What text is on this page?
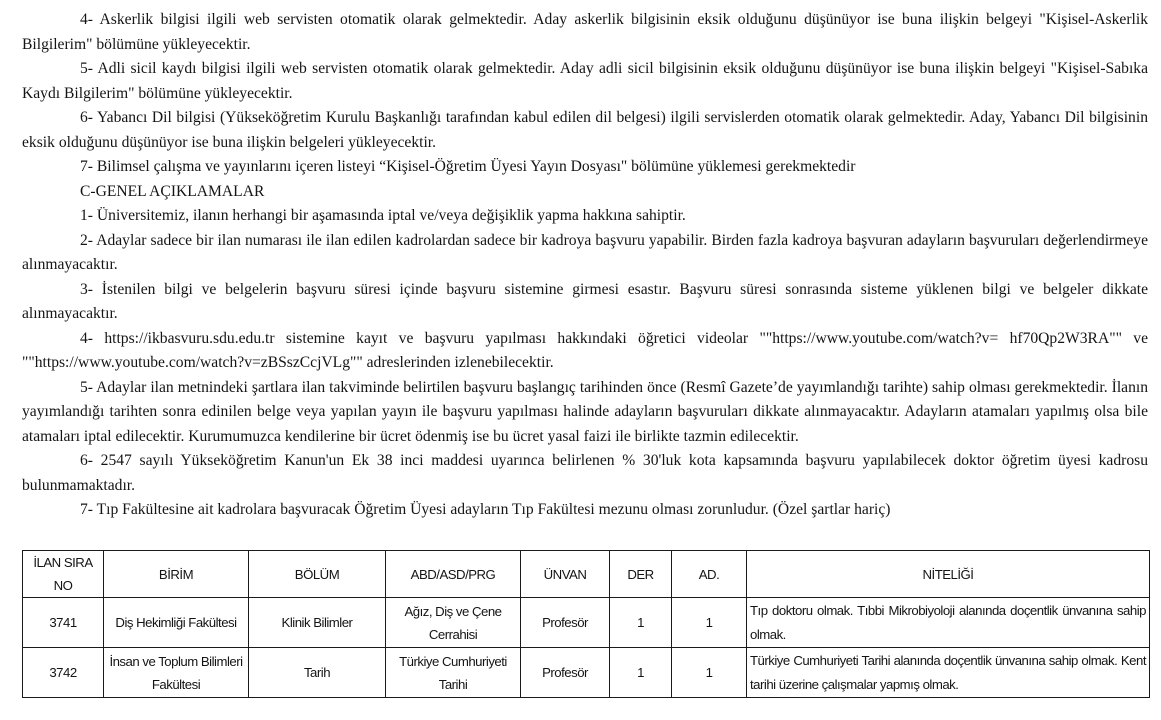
4- Askerlik bilgisi ilgili web servisten otomatik olarak gelmektedir. Aday askerlik bilgisinin eksik olduğunu düşünüyor ise buna ilişkin belgeyi "Kişisel-Askerlik Bilgilerim" bölümüne yükleyecektir.

5- Adli sicil kaydı bilgisi ilgili web servisten otomatik olarak gelmektedir. Aday adli sicil bilgisinin eksik olduğunu düşünüyor ise buna ilişkin belgeyi "Kişisel-Sabıka Kaydı Bilgilerim" bölümüne yükleyecektir.

6- Yabancı Dil bilgisi (Yükseköğretim Kurulu Başkanlığı tarafından kabul edilen dil belgesi) ilgili servislerden otomatik olarak gelmektedir. Aday, Yabancı Dil bilgisinin eksik olduğunu düşünüyor ise buna ilişkin belgeleri yükleyecektir.

7- Bilimsel çalışma ve yayınlarını içeren listeyi “Kişisel-Öğretim Üyesi Yayın Dosyası" bölümüne yüklemesi gerekmektedir

C-GENEL AÇIKLAMALAR

1- Üniversitemiz, ilanın herhangi bir aşamasında iptal ve/veya değişiklik yapma hakkına sahiptir.

2- Adaylar sadece bir ilan numarası ile ilan edilen kadrolardan sadece bir kadroya başvuru yapabilir. Birden fazla kadroya başvuran adayların başvuruları değerlendirmeye alınmayacaktır.

3- İstenilen bilgi ve belgelerin başvuru süresi içinde başvuru sistemine girmesi esastır. Başvuru süresi sonrasında sisteme yüklenen bilgi ve belgeler dikkate alınmayacaktır.

4- https://ikbasvuru.sdu.edu.tr sistemine kayıt ve başvuru yapılması hakkındaki öğretici videolar ""https://www.youtube.com/watch?v= hf70Qp2W3RA"" ve ""https://www.youtube.com/watch?v=zBSszCcjVLg"" adreslerinden izlenebilecektir.

5- Adaylar ilan metnindeki şartlara ilan takviminde belirtilen başvuru başlangıç tarihinden önce (Resmî Gazete’de yayımlandığı tarihte) sahip olması gerekmektedir. İlanın yayımlandığı tarihten sonra edinilen belge veya yapılan yayın ile başvuru yapılması halinde adayların başvuruları dikkate alınmayacaktır. Adayların atamaları yapılmış olsa bile atamaları iptal edilecektir. Kurumumuzca kendilerine bir ücret ödenmiş ise bu ücret yasal faizi ile birlikte tazmin edilecektir.

6- 2547 sayılı Yükseköğretim Kanun'un Ek 38 inci maddesi uyarınca belirlenen % 30'luk kota kapsamında başvuru yapılabilecek doktor öğretim üyesi kadrosu bulunmamaktadır.

7- Tıp Fakültesine ait kadrolara başvuracak Öğretim Üyesi adayların Tıp Fakültesi mezunu olması zorunludur. (Özel şartlar hariç)

İLAN SIRA NO	BİRİM	BÖLÜM	ABD/ASD/PRG	ÜNVAN	DER	AD.	NİTELİĞİ
3741	Diş Hekimliği Fakültesi	Klinik Bilimler	Ağız, Diş ve Çene Cerrahisi	Profesör	1	1	Tıp doktoru olmak. Tıbbi Mikrobiyoloji alanında doçentlik ünvanına sahip olmak.
3742	İnsan ve Toplum Bilimleri Fakültesi	Tarih	Türkiye Cumhuriyeti Tarihi	Profesör	1	1	Türkiye Cumhuriyeti Tarihi alanında doçentlik ünvanına sahip olmak. Kent tarihi üzerine çalışmalar yapmış olmak.
